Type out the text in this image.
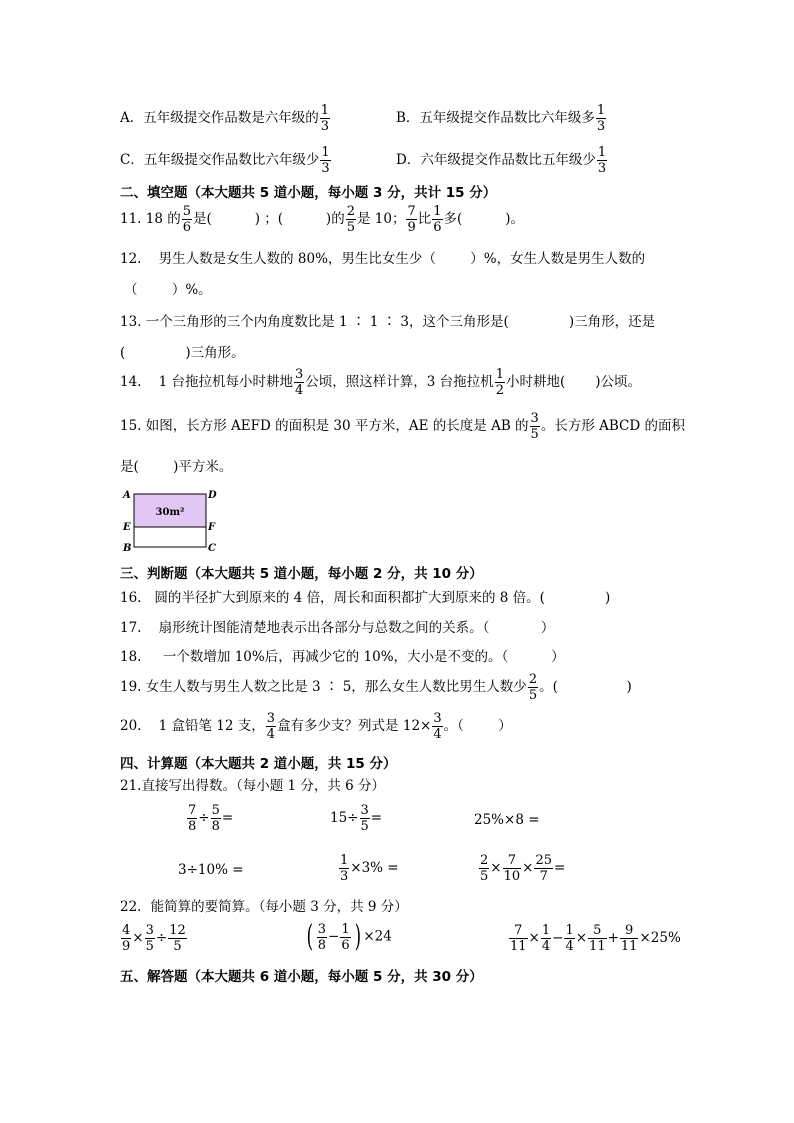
A．五年级提交作品数是六年级的 $\frac{1}{3}$	B．五年级提交作品数比六年级多 $\frac{1}{3}$
C．五年级提交作品数比六年级少 $\frac{1}{3}$	D．六年级提交作品数比五年级少 $\frac{1}{3}$
二、填空题（本大题共 5 道小题，每小题 3 分，共计 15 分）
11. 18 的 $\frac{5}{6}$ 是(          ) ；(          )的 $\frac{2}{5}$ 是 10； $\frac{7}{9}$ 比 $\frac{1}{6}$ 多(          )。
12.    男生人数是女生人数的 80%，男生比女生少（        ）%，女生人数是男生人数的
（        ）%。
13. 一个三角形的三个内角度数比是 1 ∶ 1 ∶ 3，这个三角形是(              )三角形，还是
(              )三角形。
14.    1 台拖拉机每小时耕地 $\frac{3}{4}$ 公顷，照这样计算，3 台拖拉机 $\frac{1}{2}$ 小时耕地(       )公顷。
15. 如图，长方形 AEFD 的面积是 30 平方米，AE 的长度是 AB 的 $\frac{3}{5}$ 。长方形 ABCD 的面积
是(        )平方米。
30m²
A	D
E	F
B	C
三、判断题（本大题共 5 道小题，每小题 2 分，共 10 分）
16.   圆的半径扩大到原来的 4 倍，周长和面积都扩大到原来的 8 倍。(              )
17.    扇形统计图能清楚地表示出各部分与总数之间的关系。（            ）
18.     一个数增加 10%后，再减少它的 10%，大小是不变的。（          ）
19. 女生人数与男生人数之比是 3 ∶ 5，那么女生人数比男生人数少 $\frac{2}{5}$ 。(                )
20.    1 盒铅笔 12 支， $\frac{3}{4}$ 盒有多少支？列式是 $12\times \frac{3}{4}$ 。（        ）
四、计算题（本大题共 2 道小题，共 15 分）
21.直接写出得数。（每小题 1 分，共 6 分）
$\frac{7}{8} \div \frac{5}{8}$ =	$15\div \frac{3}{5}$ =	25%×8 =
3÷10% =	$\frac{1}{3} \times 3\%$ =	$\frac{2}{5} \times \frac{7}{10} \times \frac{25}{7}$ =
22．能简算的要简算。（每小题 3 分，共 9 分）
$\frac{4}{9} \times \frac{3}{5} \div \frac{12}{5}$	( $\frac{3}{8} - \frac{1}{6}$ ) ×24	$\frac{7}{11} \times \frac{1}{4} - \frac{1}{4} \times \frac{5}{11} + \frac{9}{11} \times 25\%$
五、解答题（本大题共 6 道小题，每小题 5 分，共 30 分）
